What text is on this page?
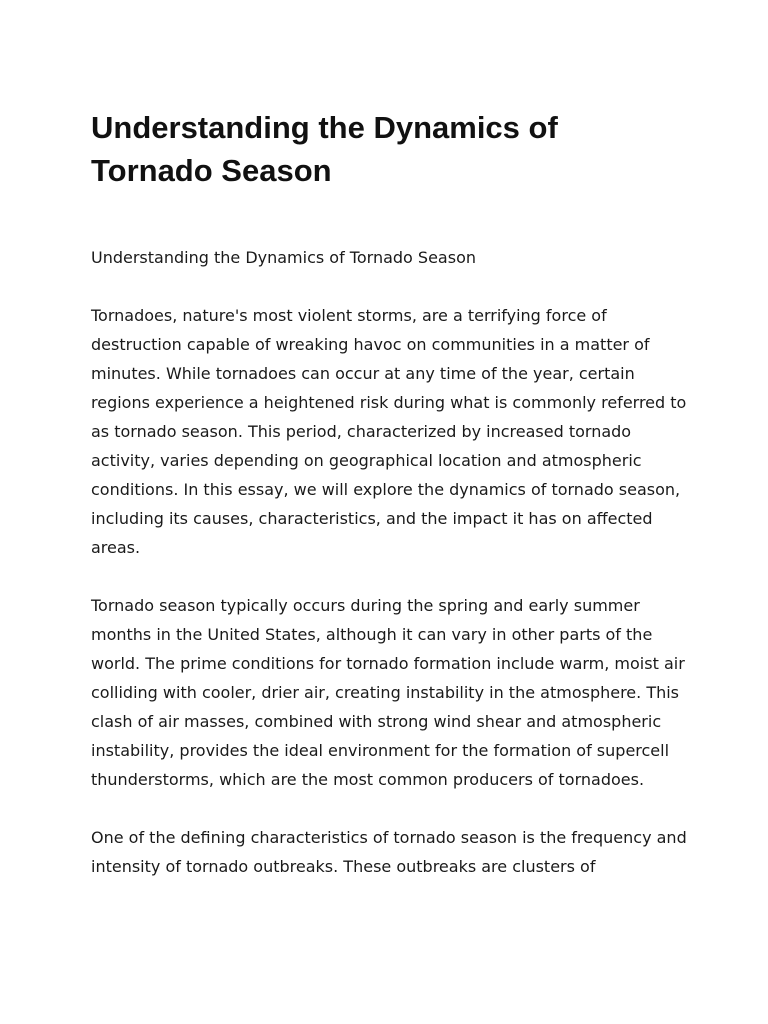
Understanding the Dynamics of
Tornado Season

Understanding the Dynamics of Tornado Season

Tornadoes, nature's most violent storms, are a terrifying force of destruction capable of wreaking havoc on communities in a matter of minutes. While tornadoes can occur at any time of the year, certain regions experience a heightened risk during what is commonly referred to as tornado season. This period, characterized by increased tornado activity, varies depending on geographical location and atmospheric conditions. In this essay, we will explore the dynamics of tornado season, including its causes, characteristics, and the impact it has on affected areas.

Tornado season typically occurs during the spring and early summer months in the United States, although it can vary in other parts of the world. The prime conditions for tornado formation include warm, moist air colliding with cooler, drier air, creating instability in the atmosphere. This clash of air masses, combined with strong wind shear and atmospheric instability, provides the ideal environment for the formation of supercell thunderstorms, which are the most common producers of tornadoes.

One of the defining characteristics of tornado season is the frequency and intensity of tornado outbreaks. These outbreaks are clusters of
